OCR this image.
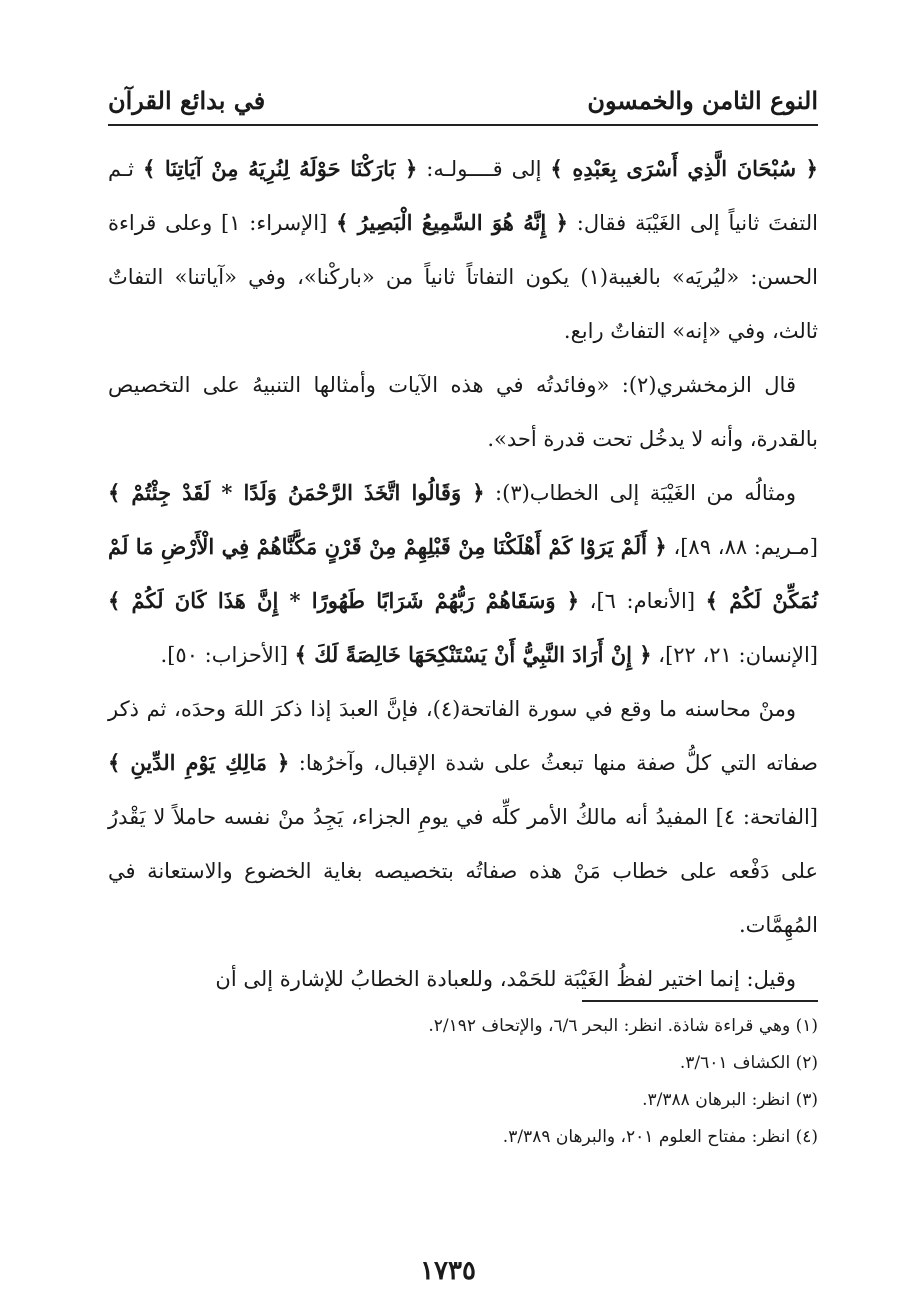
النوع الثامن والخمسون
في بدائع القرآن

﴿ سُبْحَانَ الَّذِي أَسْرَى بِعَبْدِهِ ﴾ إلى قــــولـه: ﴿ بَارَكْنَا حَوْلَهُ لِنُرِيَهُ مِنْ آيَاتِنَا ﴾ ثـم التفتَ ثانياً إلى الغَيْبَة فقال: ﴿ إِنَّهُ هُوَ السَّمِيعُ الْبَصِيرُ ﴾ [الإسراء: ١] وعلى قراءة الحسن: «ليُريَه» بالغيبة(١) يكون التفاتاً ثانياً من «باركْنا»، وفي «آياتنا» التفاتٌ ثالث، وفي «إنه» التفاتٌ رابع.

قال الزمخشري(٢): «وفائدتُه في هذه الآيات وأمثالها التنبيهُ على التخصيص بالقدرة، وأنه لا يدخُل تحت قدرة أحد».

ومثالُه من الغَيْبَة إلى الخطاب(٣): ﴿ وَقَالُوا اتَّخَذَ الرَّحْمَنُ وَلَدًا * لَقَدْ جِئْتُمْ ﴾ [مـريم: ٨٨، ٨٩]، ﴿ أَلَمْ يَرَوْا كَمْ أَهْلَكْنَا مِنْ قَبْلِهِمْ مِنْ قَرْنٍ مَكَّنَّاهُمْ فِي الْأَرْضِ مَا لَمْ نُمَكِّنْ لَكُمْ ﴾ [الأنعام: ٦]، ﴿ وَسَقَاهُمْ رَبُّهُمْ شَرَابًا طَهُورًا * إِنَّ هَذَا كَانَ لَكُمْ ﴾ [الإنسان: ٢١، ٢٢]، ﴿ إِنْ أَرَادَ النَّبِيُّ أَنْ يَسْتَنْكِحَهَا خَالِصَةً لَكَ ﴾ [الأحزاب: ٥٠].

ومنْ محاسنه ما وقع في سورة الفاتحة(٤)، فإنَّ العبدَ إذا ذكرَ اللهَ وحدَه، ثم ذكر صفاته التي كلُّ صفة منها تبعثُ على شدة الإقبال، وآخرُها: ﴿ مَالِكِ يَوْمِ الدِّينِ ﴾ [الفاتحة: ٤] المفيدُ أنه مالكُ الأمر كلِّه في يومِ الجزاء، يَجِدُ منْ نفسه حاملاً لا يَقْدرُ على دَفْعه على خطاب مَنْ هذه صفاتُه بتخصيصه بغاية الخضوع والاستعانة في المُهِمَّات.

وقيل: إنما اختير لفظُ الغَيْبَة للحَمْد، وللعبادة الخطابُ للإشارة إلى أن

(١) وهي قراءة شاذة. انظر: البحر ٦/٦، والإتحاف ٢/١٩٢.

(٢) الكشاف ٣/٦٠١.

(٣) انظر: البرهان ٣/٣٨٨.

(٤) انظر: مفتاح العلوم ٢٠١، والبرهان ٣/٣٨٩.

١٧٣٥
